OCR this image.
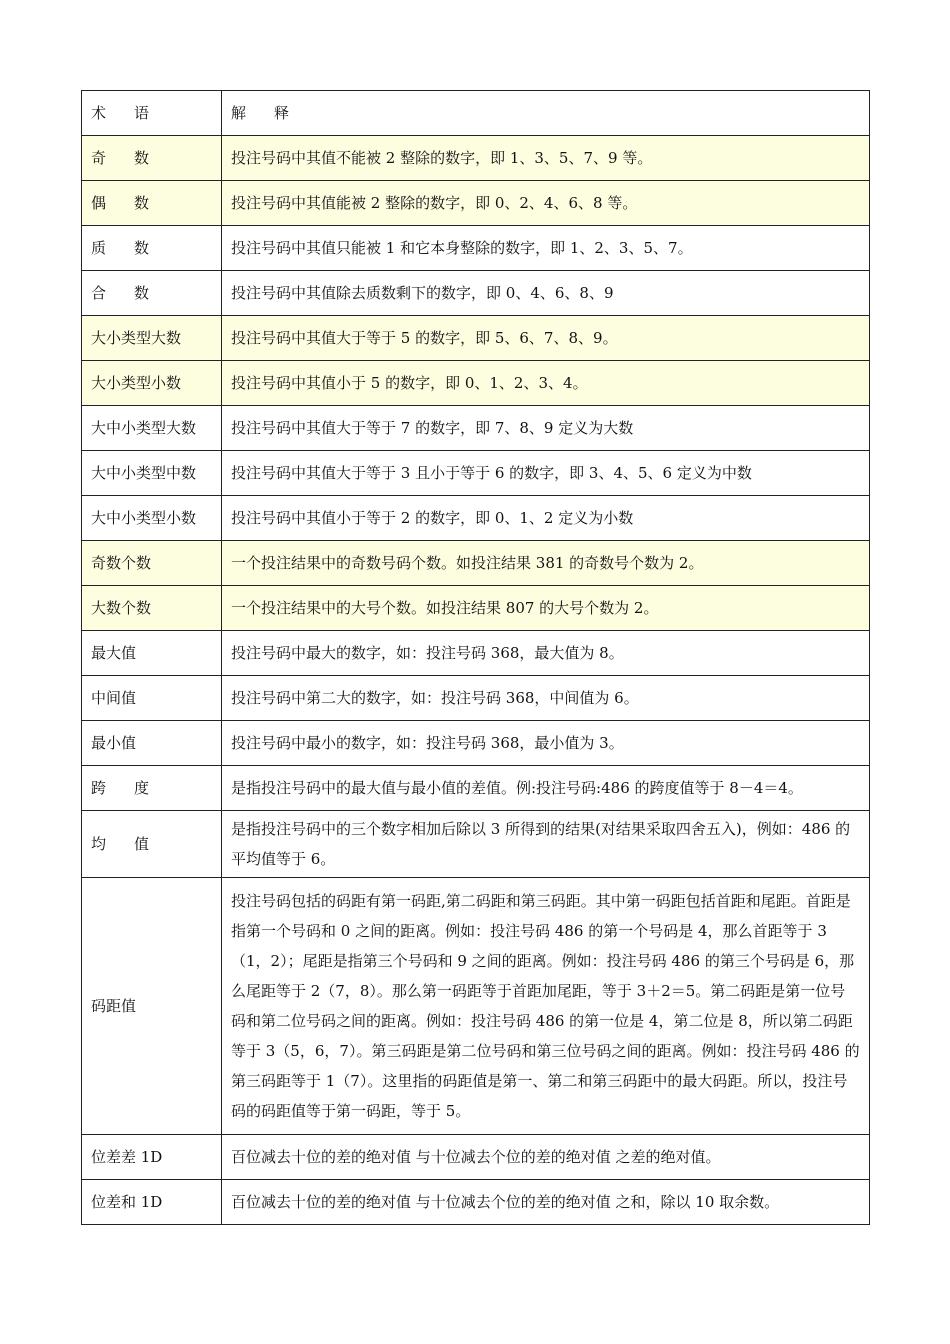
术 语	解 释
奇 数	投注号码中其值不能被 2 整除的数字，即 1、3、5、7、9 等。
偶 数	投注号码中其值能被 2 整除的数字，即 0、2、4、6、8 等。
质 数	投注号码中其值只能被 1 和它本身整除的数字，即 1、2、3、5、7。
合 数	投注号码中其值除去质数剩下的数字，即 0、4、6、8、9
大小类型大数	投注号码中其值大于等于 5 的数字，即 5、6、7、8、9。
大小类型小数	投注号码中其值小于 5 的数字，即 0、1、2、3、4。
大中小类型大数	投注号码中其值大于等于 7 的数字，即 7、8、9 定义为大数
大中小类型中数	投注号码中其值大于等于 3 且小于等于 6 的数字，即 3、4、5、6 定义为中数
大中小类型小数	投注号码中其值小于等于 2 的数字，即 0、1、2 定义为小数
奇数个数	一个投注结果中的奇数号码个数。如投注结果 381 的奇数号个数为 2。
大数个数	一个投注结果中的大号个数。如投注结果 807 的大号个数为 2。
最大值	投注号码中最大的数字，如：投注号码 368，最大值为 8。
中间值	投注号码中第二大的数字，如：投注号码 368，中间值为 6。
最小值	投注号码中最小的数字，如：投注号码 368，最小值为 3。
跨 度	是指投注号码中的最大值与最小值的差值。例:投注号码:486 的跨度值等于 8－4＝4。
均 值	是指投注号码中的三个数字相加后除以 3 所得到的结果(对结果采取四舍五入)，例如：486 的平均值等于 6。
码距值	投注号码包括的码距有第一码距,第二码距和第三码距。其中第一码距包括首距和尾距。首距是指第一个号码和 0 之间的距离。例如：投注号码 486 的第一个号码是 4，那么首距等于 3（1，2）；尾距是指第三个号码和 9 之间的距离。例如：投注号码 486 的第三个号码是 6，那么尾距等于 2（7，8）。那么第一码距等于首距加尾距，等于 3＋2＝5。第二码距是第一位号码和第二位号码之间的距离。例如：投注号码 486 的第一位是 4，第二位是 8，所以第二码距等于 3（5，6，7）。第三码距是第二位号码和第三位号码之间的距离。例如：投注号码 486 的第三码距等于 1（7）。这里指的码距值是第一、第二和第三码距中的最大码距。所以，投注号码的码距值等于第一码距，等于 5。
位差差 1D	百位减去十位的差的绝对值 与十位减去个位的差的绝对值 之差的绝对值。
位差和 1D	百位减去十位的差的绝对值 与十位减去个位的差的绝对值 之和，除以 10 取余数。
